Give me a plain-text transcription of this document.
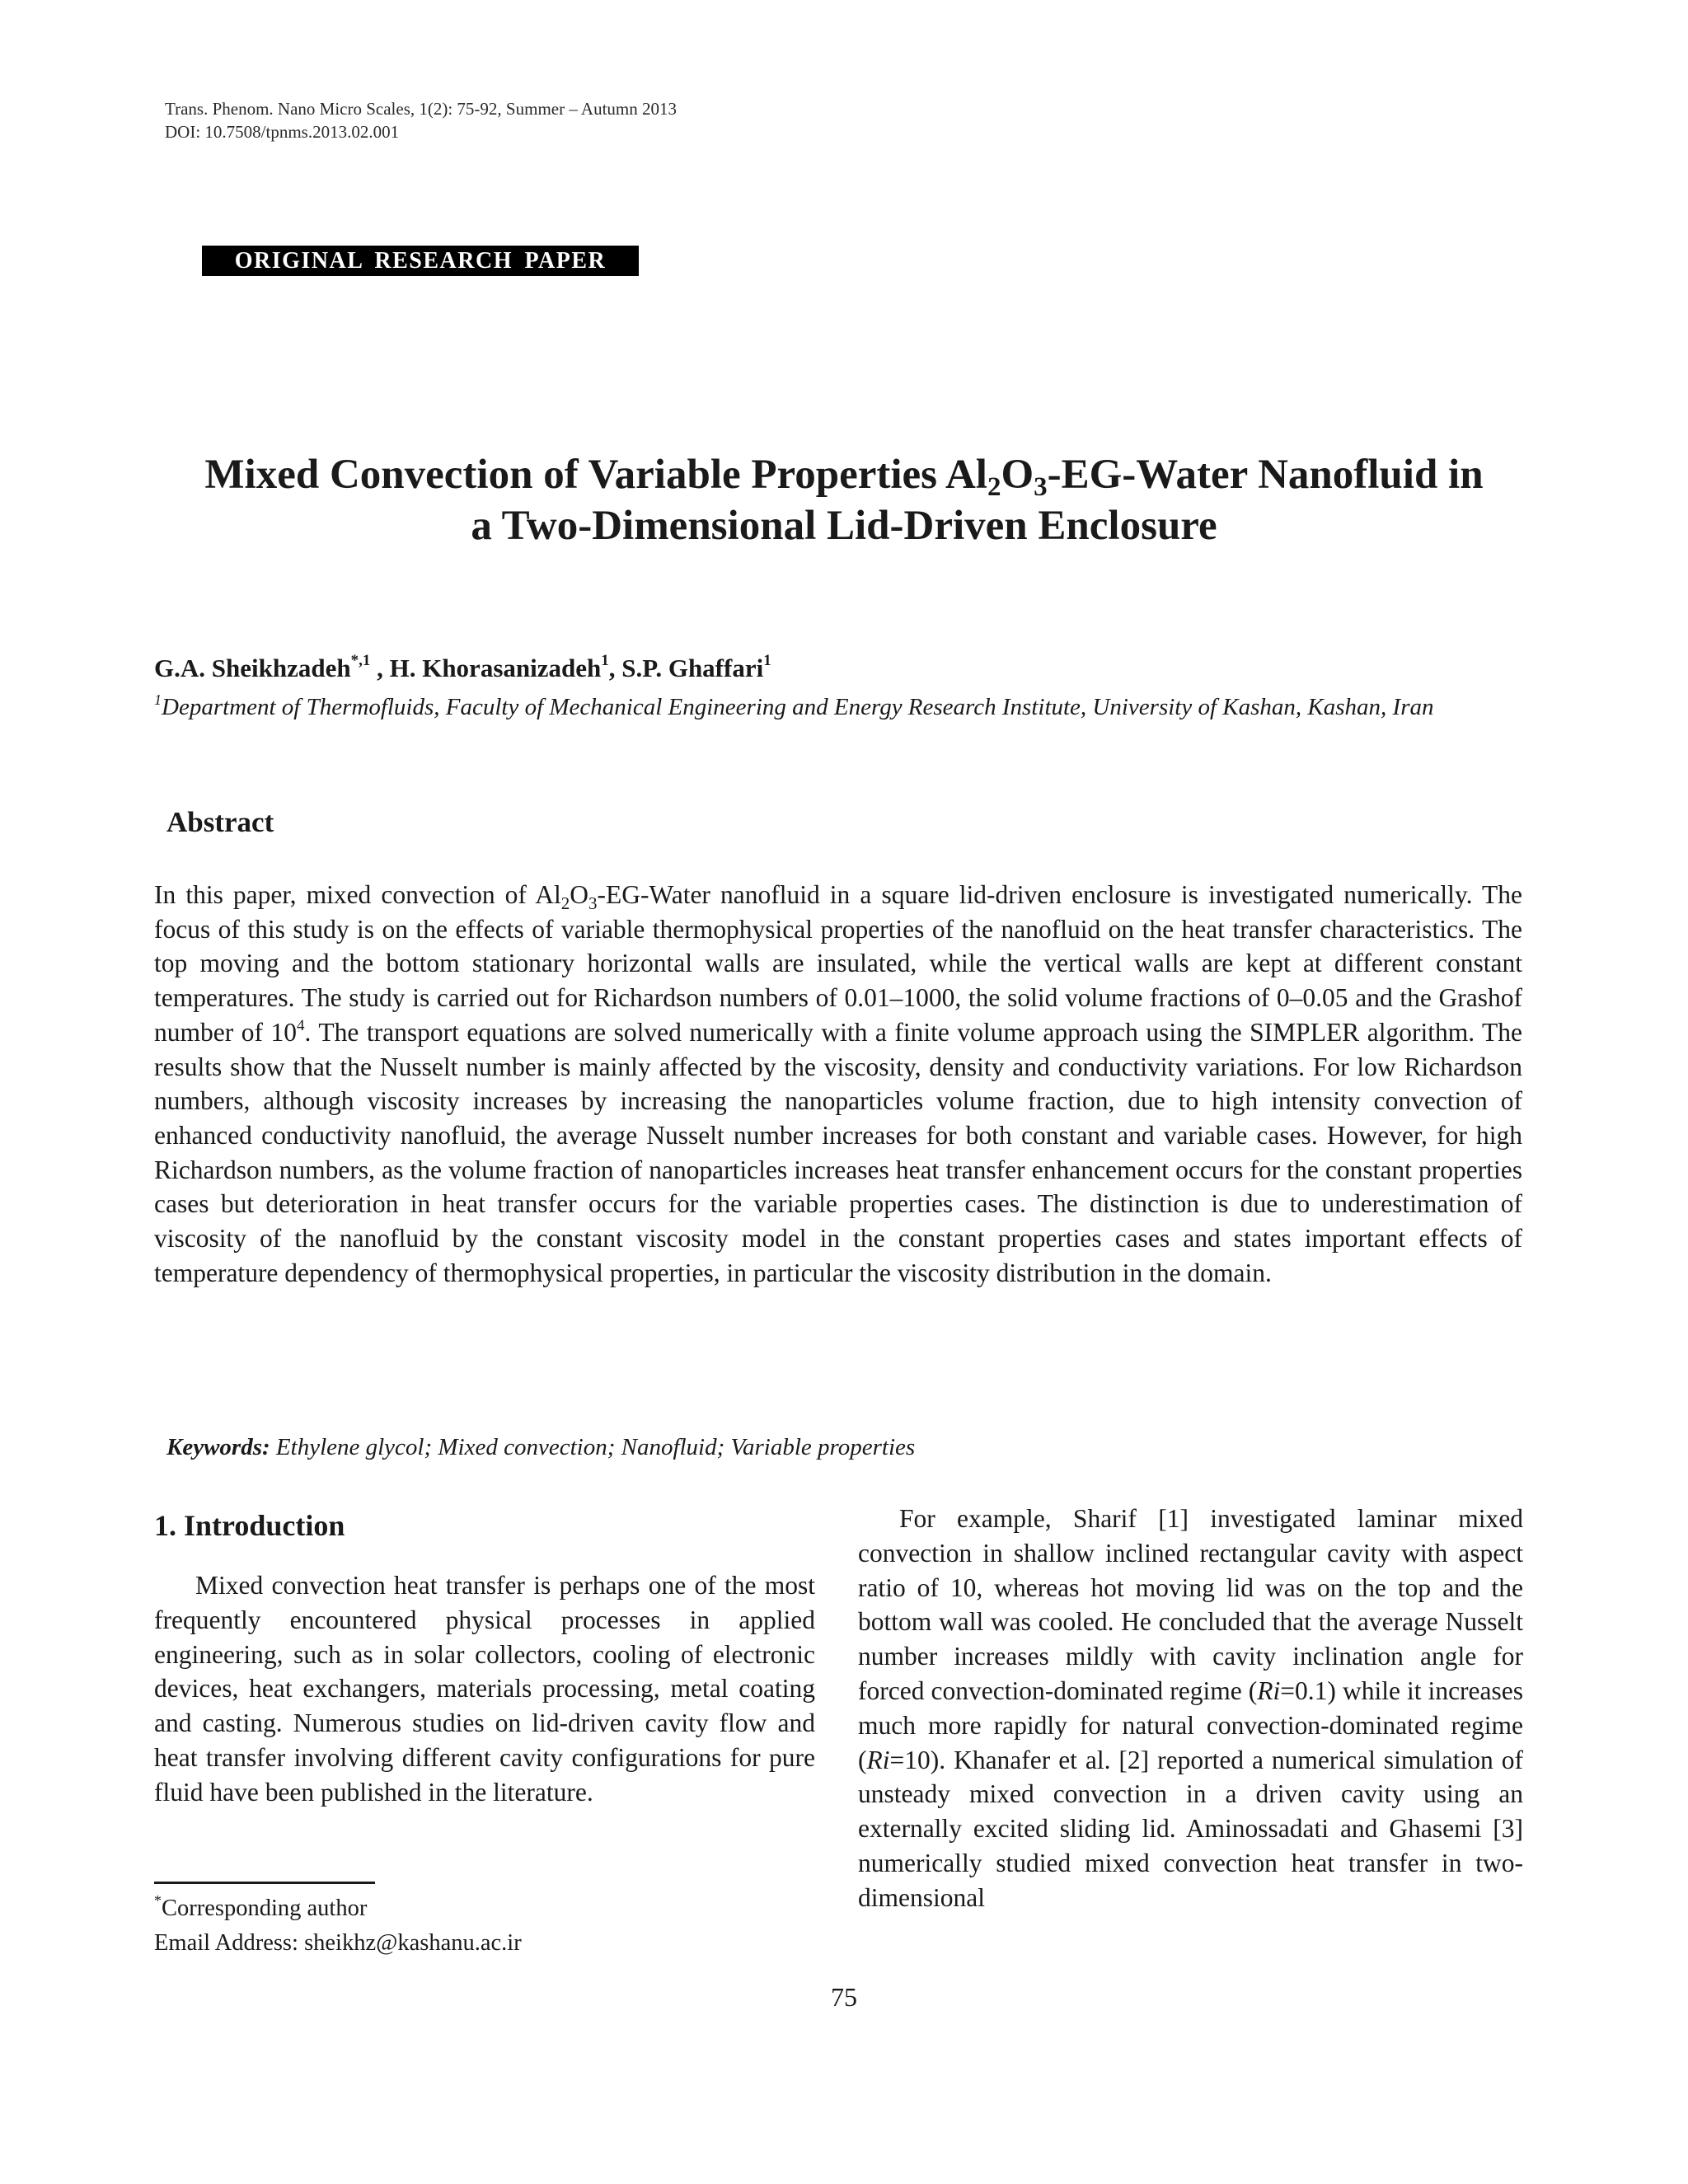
Trans. Phenom. Nano Micro Scales, 1(2): 75-92, Summer – Autumn 2013
DOI: 10.7508/tpnms.2013.02.001
ORIGINAL RESEARCH PAPER
Mixed Convection of Variable Properties $Al_2O_3-EG$-Water Nanofluid in
a Two-Dimensional Lid-Driven Enclosure
G.A. Sheikhzadeh$^{*,1}$ , H. Khorasanizadeh$^1$, S.P. Ghaffari$^1$
$^1$Department of Thermofluids, Faculty of Mechanical Engineering and Energy Research Institute, University of Kashan, Kashan, Iran
Abstract
In this paper, mixed convection of $Al_2O_3-EG$-Water nanofluid in a square lid-driven enclosure is investigated numerically. The focus of this study is on the effects of variable thermophysical properties of the nanofluid on the heat transfer characteristics. The top moving and the bottom stationary horizontal walls are insulated, while the vertical walls are kept at different constant temperatures. The study is carried out for Richardson numbers of 0.01–1000, the solid volume fractions of 0–0.05 and the Grashof number of $10^4$. The transport equations are solved numerically with a finite volume approach using the SIMPLER algorithm. The results show that the Nusselt number is mainly affected by the viscosity, density and conductivity variations. For low Richardson numbers, although viscosity increases by increasing the nanoparticles volume fraction, due to high intensity convection of enhanced conductivity nanofluid, the average Nusselt number increases for both constant and variable cases. However, for high Richardson numbers, as the volume fraction of nanoparticles increases heat transfer enhancement occurs for the constant properties cases but deterioration in heat transfer occurs for the variable properties cases. The distinction is due to underestimation of viscosity of the nanofluid by the constant viscosity model in the constant properties cases and states important effects of temperature dependency of thermophysical properties, in particular the viscosity distribution in the domain.
Keywords: Ethylene glycol; Mixed convection; Nanofluid; Variable properties
1. Introduction
Mixed convection heat transfer is perhaps one of the most frequently encountered physical processes in applied engineering, such as in solar collectors, cooling of electronic devices, heat exchangers, materials processing, metal coating and casting. Numerous studies on lid-driven cavity flow and heat transfer involving different cavity configurations for pure fluid have been published in the literature.
For example, Sharif [1] investigated laminar mixed convection in shallow inclined rectangular cavity with aspect ratio of 10, whereas hot moving lid was on the top and the bottom wall was cooled. He concluded that the average Nusselt number increases mildly with cavity inclination angle for forced convection-dominated regime (Ri=0.1) while it increases much more rapidly for natural convection-dominated regime (Ri=10). Khanafer et al. [2] reported a numerical simulation of unsteady mixed convection in a driven cavity using an externally excited sliding lid. Aminossadati and Ghasemi [3] numerically studied mixed convection heat transfer in two- dimensional
*Corresponding author
Email Address: sheikhz@kashanu.ac.ir
75
